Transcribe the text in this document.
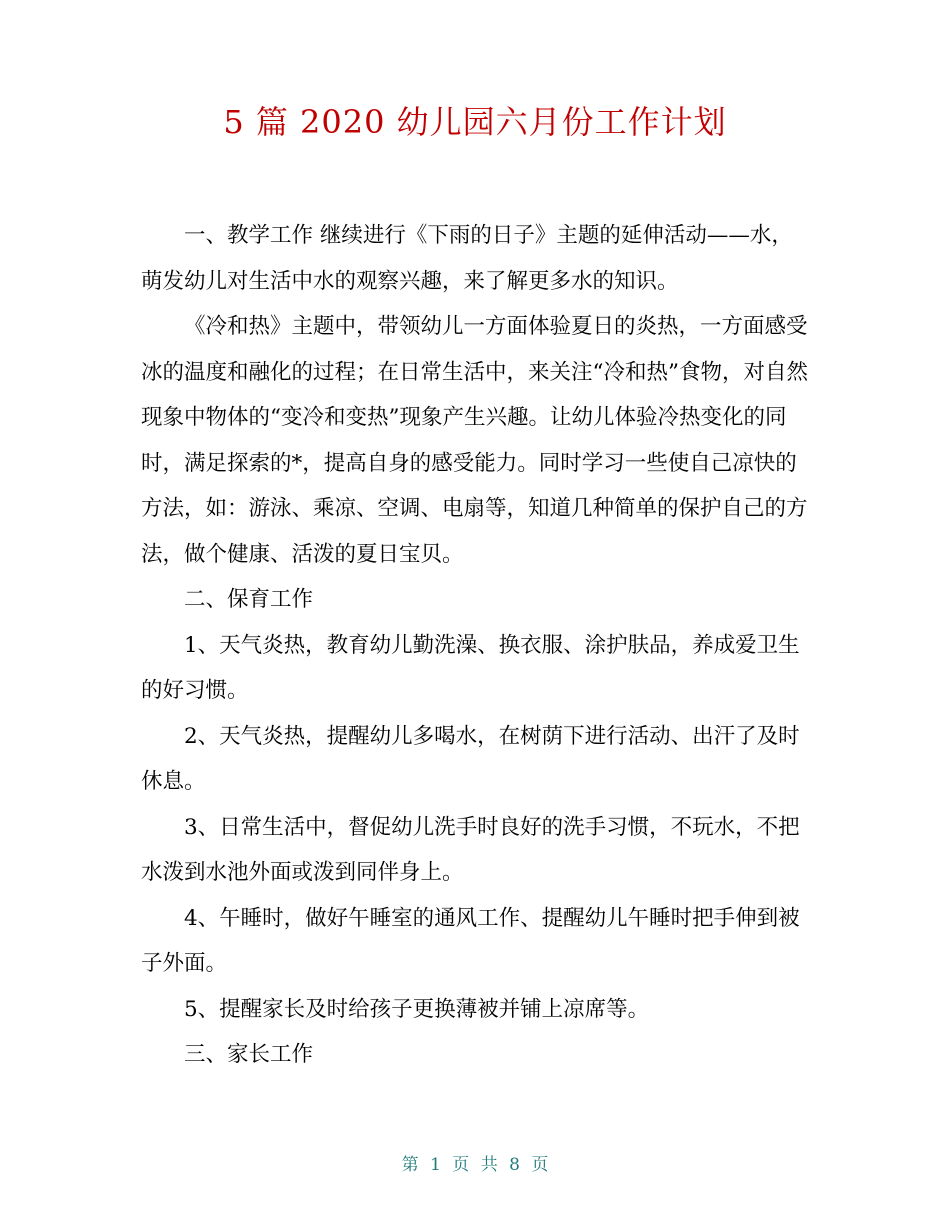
5 篇 2020 幼儿园六月份工作计划

一、教学工作 继续进行《下雨的日子》主题的延伸活动——水，萌发幼儿对生活中水的观察兴趣，来了解更多水的知识。

《冷和热》主题中，带领幼儿一方面体验夏日的炎热，一方面感受冰的温度和融化的过程；在日常生活中，来关注“冷和热”食物，对自然现象中物体的“变冷和变热”现象产生兴趣。让幼儿体验冷热变化的同时，满足探索的*，提高自身的感受能力。同时学习一些使自己凉快的方法，如：游泳、乘凉、空调、电扇等，知道几种简单的保护自己的方法，做个健康、活泼的夏日宝贝。

二、保育工作

1、天气炎热，教育幼儿勤洗澡、换衣服、涂护肤品，养成爱卫生的好习惯。

2、天气炎热，提醒幼儿多喝水，在树荫下进行活动、出汗了及时休息。

3、日常生活中，督促幼儿洗手时良好的洗手习惯，不玩水，不把水泼到水池外面或泼到同伴身上。

4、午睡时，做好午睡室的通风工作、提醒幼儿午睡时把手伸到被子外面。

5、提醒家长及时给孩子更换薄被并铺上凉席等。

三、家长工作

第 1 页 共 8 页
